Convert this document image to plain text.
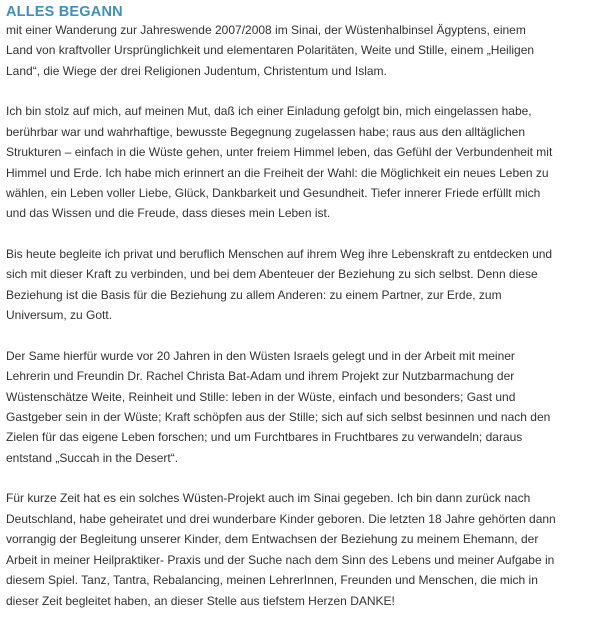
ALLES BEGANN

mit einer Wanderung zur Jahreswende 2007/2008 im Sinai, der Wüstenhalbinsel Ägyptens, einem
Land von kraftvoller Ursprünglichkeit und elementaren Polaritäten, Weite und Stille, einem „Heiligen
Land“, die Wiege der drei Religionen Judentum, Christentum und Islam.

Ich bin stolz auf mich, auf meinen Mut, daß ich einer Einladung gefolgt bin, mich eingelassen habe,
berührbar war und wahrhaftige, bewusste Begegnung zugelassen habe; raus aus den alltäglichen
Strukturen – einfach in die Wüste gehen, unter freiem Himmel leben, das Gefühl der Verbundenheit mit
Himmel und Erde. Ich habe mich erinnert an die Freiheit der Wahl: die Möglichkeit ein neues Leben zu
wählen, ein Leben voller Liebe, Glück, Dankbarkeit und Gesundheit. Tiefer innerer Friede erfüllt mich
und das Wissen und die Freude, dass dieses mein Leben ist.

Bis heute begleite ich privat und beruflich Menschen auf ihrem Weg ihre Lebenskraft zu entdecken und
sich mit dieser Kraft zu verbinden, und bei dem Abenteuer der Beziehung zu sich selbst. Denn diese
Beziehung ist die Basis für die Beziehung zu allem Anderen: zu einem Partner, zur Erde, zum
Universum, zu Gott.

Der Same hierfür wurde vor 20 Jahren in den Wüsten Israels gelegt und in der Arbeit mit meiner
Lehrerin und Freundin Dr. Rachel Christa Bat-Adam und ihrem Projekt zur Nutzbarmachung der
Wüstenschätze Weite, Reinheit und Stille: leben in der Wüste, einfach und besonders; Gast und
Gastgeber sein in der Wüste; Kraft schöpfen aus der Stille; sich auf sich selbst besinnen und nach den
Zielen für das eigene Leben forschen; und um Furchtbares in Fruchtbares zu verwandeln; daraus
entstand „Succah in the Desert“.

Für kurze Zeit hat es ein solches Wüsten-Projekt auch im Sinai gegeben. Ich bin dann zurück nach
Deutschland, habe geheiratet und drei wunderbare Kinder geboren. Die letzten 18 Jahre gehörten dann
vorrangig der Begleitung unserer Kinder, dem Entwachsen der Beziehung zu meinem Ehemann, der
Arbeit in meiner Heilpraktiker- Praxis und der Suche nach dem Sinn des Lebens und meiner Aufgabe in
diesem Spiel. Tanz, Tantra, Rebalancing, meinen LehrerInnen, Freunden und Menschen, die mich in
dieser Zeit begleitet haben, an dieser Stelle aus tiefstem Herzen DANKE!
